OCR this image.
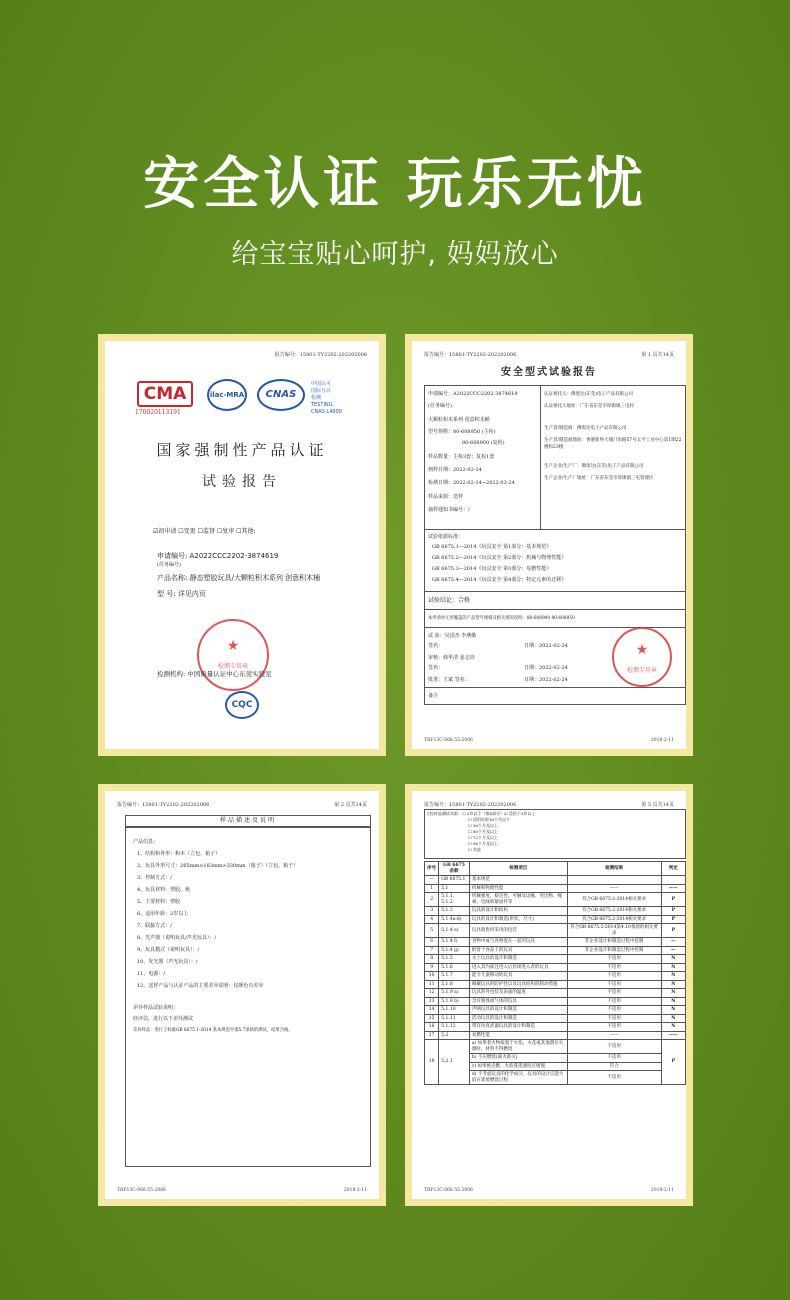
安全认证 玩乐无忧
给宝宝贴心呵护, 妈妈放心
报告编号：15801-TY2202-202202006
CMA
170020113191
ilac-MRA	CNAS
中国认可
国际互认
检测
TESTING
CNAS L4900
国家强制性产品认证
试验报告
☑初申请 ☐变更 ☐监督 ☐复审 ☐其他:
申请编号: A2022CCC2202-3874619
(任务编号)
产品名称: 静态塑胶玩具/大颗粒积木系列 创意积木桶
型 号: 详见内页
★
检测专用章
检测机构: 中国质量认证中心东莞实验室
CQC
报告编号：15801-TY2202-202202006	第 1 页共14页
安全型式试验报告
申请编号：A2022CCC2202-3874619
(任务编号)
大颗粒积木系列 创意积木桶
型号规格：80-608950 (主检)
80-608900 (复检)
样品数量：主检3套；复检1套
到样日期：2022-02-14
检测日期：2022-02-14~2022-02-24
样品来源：送样
抽样通知书编号：/
认证委托人：佛奥达(东莞)电子产品有限公司
认证委托人地址：广东省东莞市厚街镇三屯村
生产者/制造商：佛奥达电子产品有限公司
生产者/制造商地址：香港新界大埔汀角路57号太平工业中心第1期22楼和23楼
生产企业/生产厂：佛奥达(东莞)电子产品有限公司
生产企业/生产厂地址：广东省东莞市厚街镇三屯管理区
试验依据标准：
GB 6675.1—2014《玩具安全 第1部分：基本规范》
GB 6675.2—2014《玩具安全 第2部分：机械与物理性能》
GB 6675.3—2014《玩具安全 第3部分：易燃性能》
GB 6675.4—2014《玩具安全 第4部分：特定元素的迁移》
试验结论：合格
本申请单元所覆盖的产品型号规格及相关情况说明：80-608900 80-608950
试 验：吴国杰 李燕娥
签名：
审核：韩华清 姜志钧
签名：
批准：王斌 签名：
日期：2022-02-24
日期：2022-02-24
日期：2022-02-24
备注
★
检测专用章
TRF13C-068.55-2006	2018-2-11
报告编号：15801-TY2202-202202006	第 2 页共14页
样品描述及说明
产品信息：
1、结构和外形：积木（立包、箱子）
2、玩具外形尺寸：265mm×183mm×330mm（箱子）（立包、箱子）
3、控制方式：/
4、玩具材料：塑胶、纸
5、主要材料：塑胶
6、适用年龄：2岁以上
7、联接方式：/
8、光声器（说明玩具/声光玩具）：/
9、玩具模式（说明玩具）：/
10、发光器（声光玩具）：/
11、电源：/
12、送样产品与认证产品的主要差异说明：仅颜色有差异
差异样品试验说明：
经评估，进行以下差异测试
差异样品：进行了标准GB 6675.1-2014 基本规范中第5.7条款的测试，结果合格。
TRF13C-068.55-2006	2018-2-11
报告编号：15801-TY2202-202202006	第 5 页共14页
主检样品测试年龄：☐ 3岁以下（第4部分）☑ 适用于3岁以上
☐ 适用年龄18个月以下
☐ 36个月及以上
☐ 60个月及以上
☐ 72个月及以上
☐ 96个月及以上
☐ 其他
序号	GB 6675条款	检测项目	检测结果	判定
—	GB 6675.1	基本规范		
1	5.1	机械和物理性能	——	——
2	5.1.1、5.1.2	机械强度、稳定性、可触及边缘、突出物、绳索、电线和紧固件等	符合GB 6675.2-2014相关要求	P
3	5.1.3	玩具的设计和结构	符合GB 6675.2-2014相关要求	P
4	5.1.4a-d)	玩具的设计和制造(形状、尺寸)	符合GB 6675.2-2014相关要求	P
5	5.1.4 e)	玩具销售时采用的包装	符合GB 6675.2-2014第4.10条款的相关要求	P
6	5.1.4 f)	食物中或与食物混在一起的玩具	非企业设计和制造过程中控制	—
7	5.1.4 g)	附着于食品上的玩具	非企业设计和制造过程中控制	—
8	5.1.5	水上玩具的设计和制造	不适用	N
9	5.1.6	进入其内部且进入后封闭进入者的玩具	不适用	N
10	5.1.7	能令儿童移动的玩具	不适用	N
11	5.1.8	佩戴玩具的防护性以及玩具结构的制动措施	不适用	N
12	5.1.9 a)	玩具的外包装及表面的温度	不适用	N
13	5.1.9 b)	含有液体或气体的玩具	不适用	N
14	5.1.10	声响玩具的设计和制造	不适用	N
15	5.1.11	活动玩具的设计和制造	不适用	N
16	5.1.12	带有仿真武器玩具的设计和制造	不适用	N
17	5.2	易燃性能	——	——
18	5.2.1	a) 如果着火物质置于火焰，火花或其他潜在火源时，材料不得燃烧	不适用	P
		b) 不应燃烧(离火即灭)	不适用	
		c) 如果被点燃，火焰蔓延速度应缓慢	符合	
		d) 不考虑玩具的化学成分，玩具的设计应能火焰在延缓燃烧过程	不适用	
TRF13C-068.55-2006	2018-2-11
